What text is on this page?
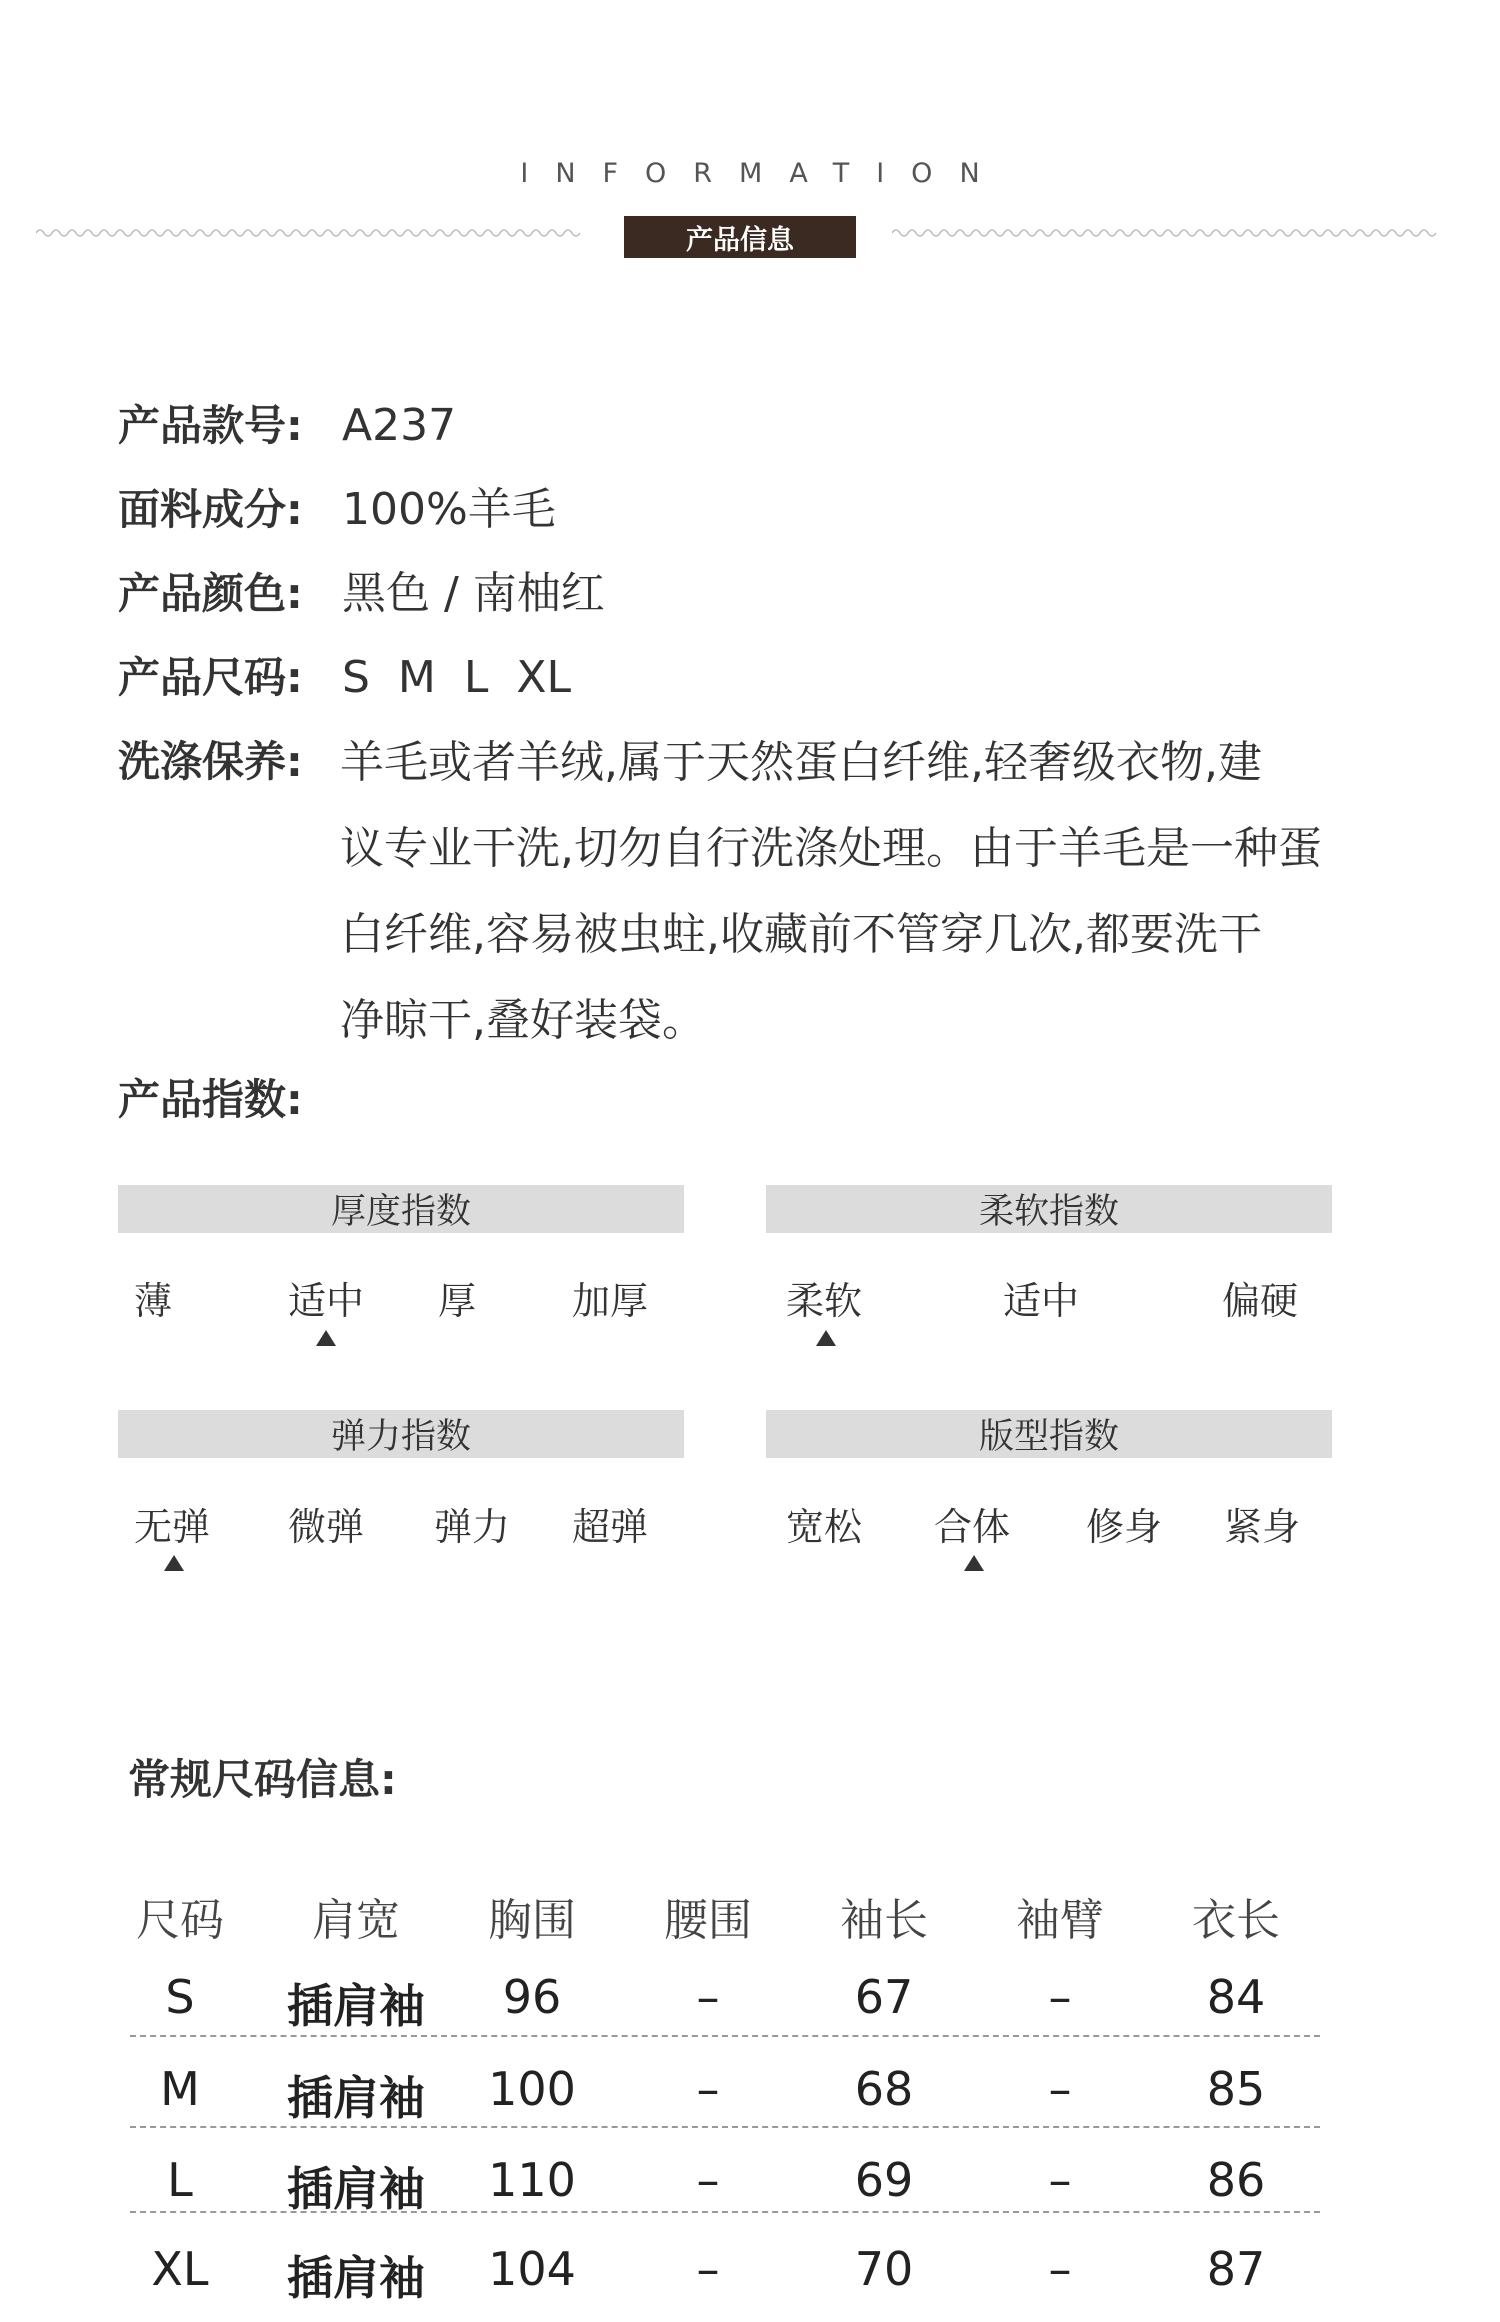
INFORMATION
产品信息
产品款号: A237
面料成分: 100%羊毛
产品颜色: 黑色 / 南柚红
产品尺码: S  M  L  XL
洗涤保养: 羊毛或者羊绒,属于天然蛋白纤维,轻奢级衣物,建
议专业干洗,切勿自行洗涤处理。由于羊毛是一种蛋
白纤维,容易被虫蛀,收藏前不管穿几次,都要洗干
净晾干,叠好装袋。
产品指数:
厚度指数
薄	适中 厚	加厚
柔软指数
柔软	适中	偏硬
弹力指数
无弹 微弹 弹力 超弹
版型指数
宽松 合体 修身 紧身
常规尺码信息:
尺码	肩宽	胸围	腰围	袖长	袖臂	衣长
S	插肩袖	96	–	67	–	84
M	插肩袖	100	–	68	–	85
L	插肩袖	110	–	69	–	86
XL	插肩袖	104	–	70	–	87
